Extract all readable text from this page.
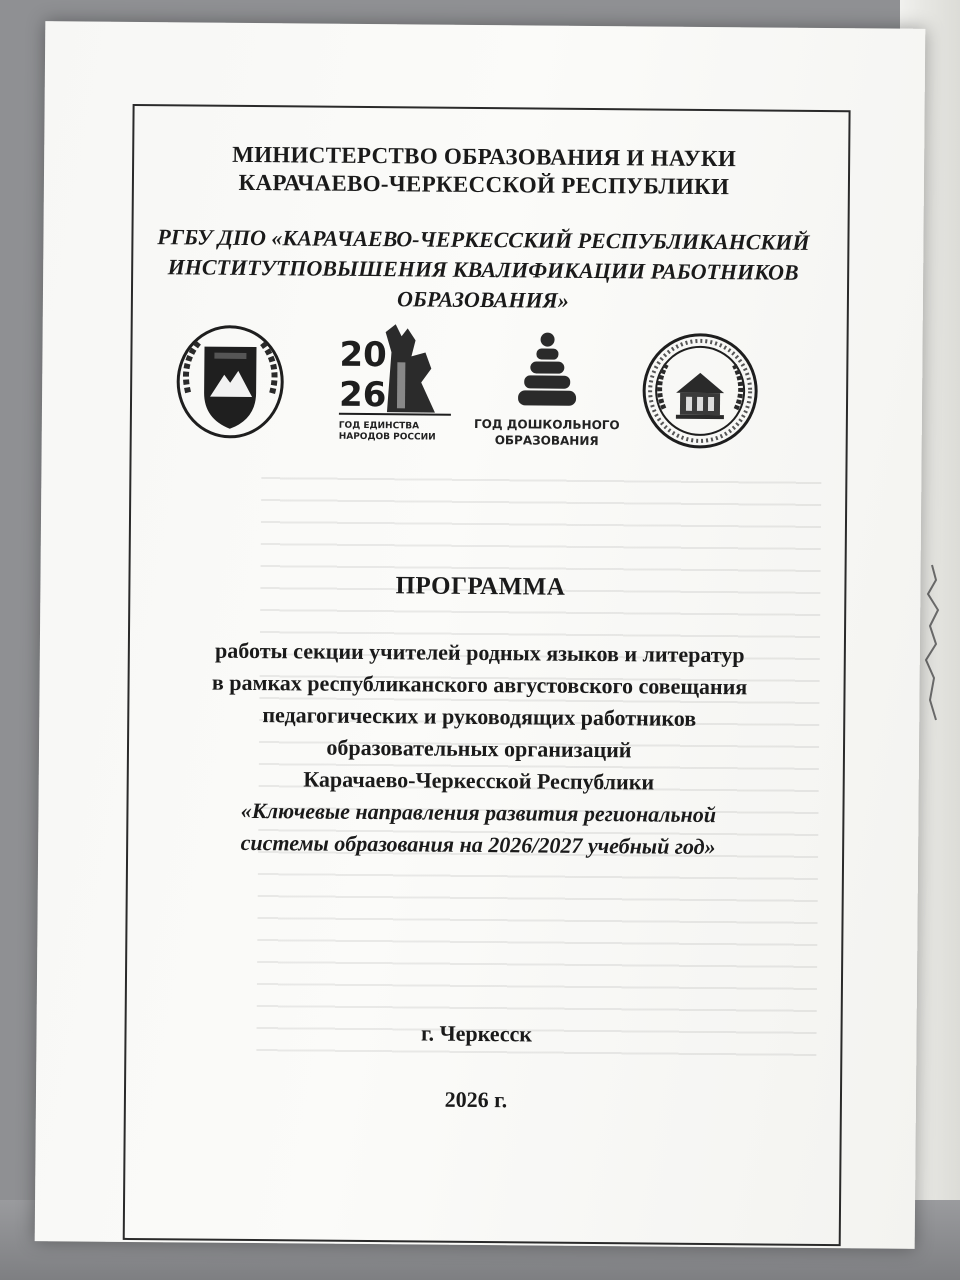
МИНИСТЕРСТВО ОБРАЗОВАНИЯ И НАУКИ
КАРАЧАЕВО-ЧЕРКЕССКОЙ РЕСПУБЛИКИ
РГБУ ДПО «КАРАЧАЕВО-ЧЕРКЕССКИЙ РЕСПУБЛИКАНСКИЙ
ИНСТИТУТПОВЫШЕНИЯ КВАЛИФИКАЦИИ РАБОТНИКОВ
ОБРАЗОВАНИЯ»
20
26
ГОД ЕДИНСТВА
НАРОДОВ РОССИИ
ГОД ДОШКОЛЬНОГО
ОБРАЗОВАНИЯ
ПРОГРАММА
работы секции учителей родных языков и литератур
в рамках республиканского августовского совещания
педагогических и руководящих работников
образовательных организаций
Карачаево-Черкесской Республики
«Ключевые направления развития региональной
системы образования на 2026/2027 учебный год»
г. Черкесск
2026 г.
